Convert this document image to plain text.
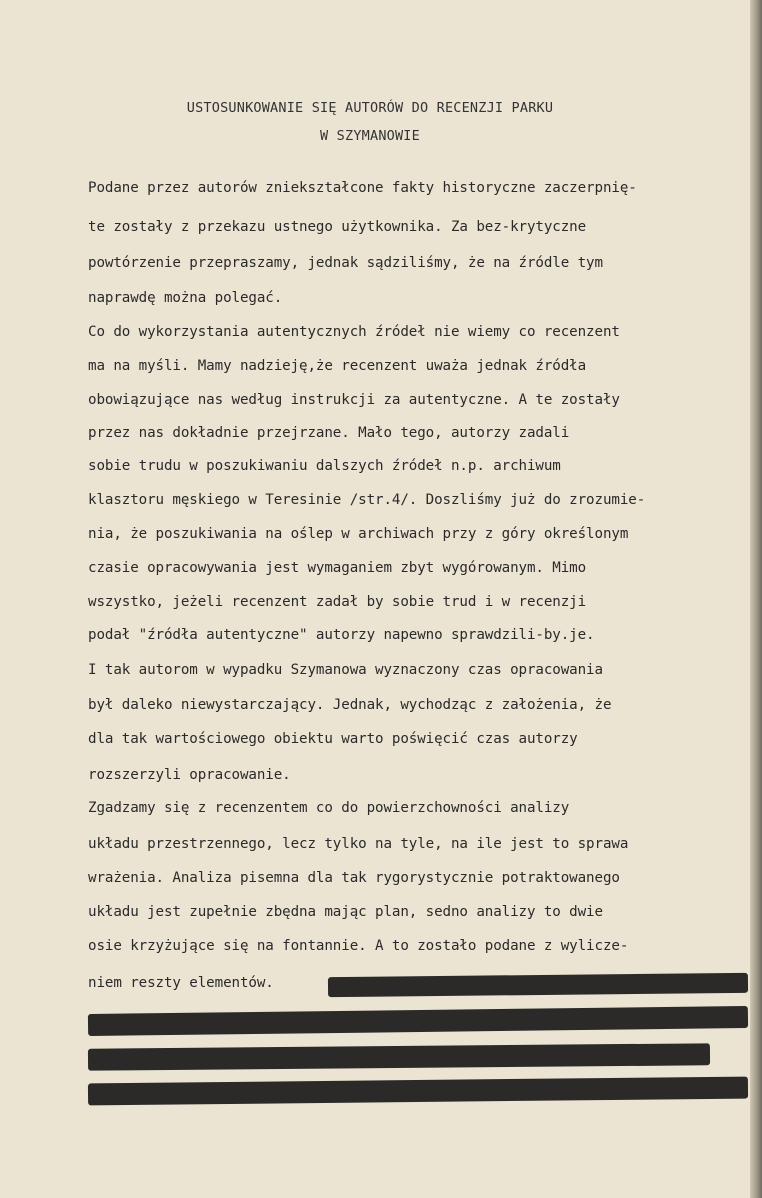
USTOSUNKOWANIE SIĘ AUTORÓW DO RECENZJI PARKU
W SZYMANOWIE
Podane przez autorów zniekształcone fakty historyczne zaczerpnię-
te zostały z przekazu ustnego użytkownika. Za bez-krytyczne
powtórzenie przepraszamy, jednak sądziliśmy, że na źródle tym
naprawdę można polegać.
Co do wykorzystania autentycznych źródeł nie wiemy co recenzent
ma na myśli. Mamy nadzieję,że recenzent uważa jednak źródła
obowiązujące nas według instrukcji za autentyczne. A te zostały
przez nas dokładnie przejrzane. Mało tego, autorzy zadali
sobie trudu w poszukiwaniu dalszych źródeł n.p. archiwum
klasztoru męskiego w Teresinie /str.4/. Doszliśmy już do zrozumie-
nia, że poszukiwania na oślep w archiwach przy z góry określonym
czasie opracowywania jest wymaganiem zbyt wygórowanym. Mimo
wszystko, jeżeli recenzent zadał by sobie trud i w recenzji
podał "źródła autentyczne" autorzy napewno sprawdzili-by.je.
I tak autorom w wypadku Szymanowa wyznaczony czas opracowania
był daleko niewystarczający. Jednak, wychodząc z założenia, że
dla tak wartościowego obiektu warto poświęcić czas autorzy
rozszerzyli opracowanie.
Zgadzamy się z recenzentem co do powierzchowności analizy
układu przestrzennego, lecz tylko na tyle, na ile jest to sprawa
wrażenia. Analiza pisemna dla tak rygorystycznie potraktowanego
układu jest zupełnie zbędna mając plan, sedno analizy to dwie
osie krzyżujące się na fontannie. A to zostało podane z wylicze-
niem reszty elementów.
